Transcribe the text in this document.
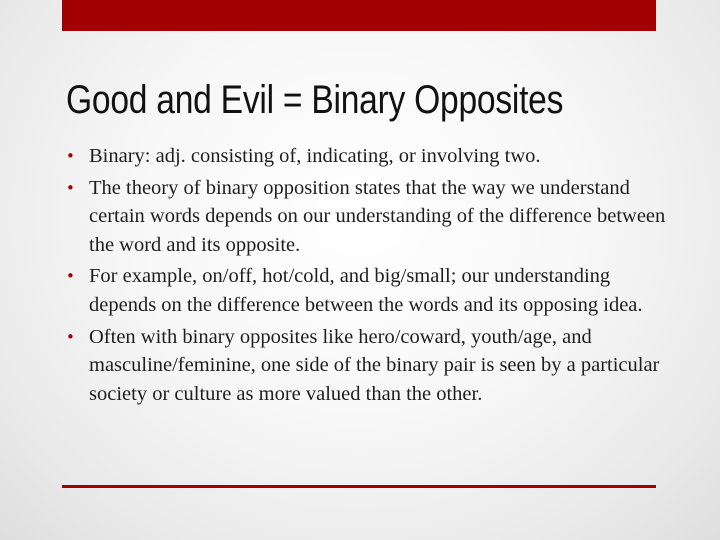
Good and Evil = Binary Opposites
• Binary: adj. consisting of, indicating, or involving two.
• The theory of binary opposition states that the way we understand certain words depends on our understanding of the difference between the word and its opposite.
• For example, on/off, hot/cold, and big/small; our understanding depends on the difference between the words and its opposing idea.
• Often with binary opposites like hero/coward, youth/age, and masculine/feminine, one side of the binary pair is seen by a particular society or culture as more valued than the other.
